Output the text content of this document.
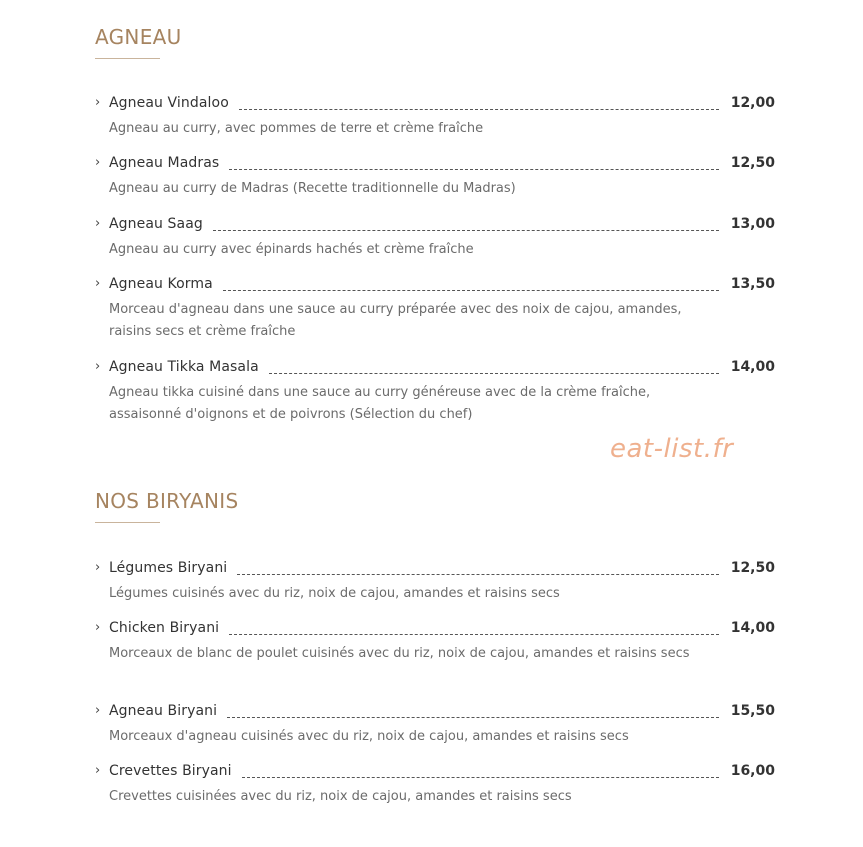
AGNEAU
› Agneau Vindaloo	12,00
Agneau au curry, avec pommes de terre et crème fraîche
› Agneau Madras	12,50
Agneau au curry de Madras (Recette traditionnelle du Madras)
› Agneau Saag	13,00
Agneau au curry avec épinards hachés et crème fraîche
› Agneau Korma	13,50
Morceau d'agneau dans une sauce au curry préparée avec des noix de cajou, amandes, raisins secs et crème fraîche
› Agneau Tikka Masala	14,00
Agneau tikka cuisiné dans une sauce au curry généreuse avec de la crème fraîche, assaisonné d'oignons et de poivrons (Sélection du chef)
eat-list.fr
NOS BIRYANIS
› Légumes Biryani	12,50
Légumes cuisinés avec du riz, noix de cajou, amandes et raisins secs
› Chicken Biryani	14,00
Morceaux de blanc de poulet cuisinés avec du riz, noix de cajou, amandes et raisins secs
› Agneau Biryani	15,50
Morceaux d'agneau cuisinés avec du riz, noix de cajou, amandes et raisins secs
› Crevettes Biryani	16,00
Crevettes cuisinées avec du riz, noix de cajou, amandes et raisins secs
